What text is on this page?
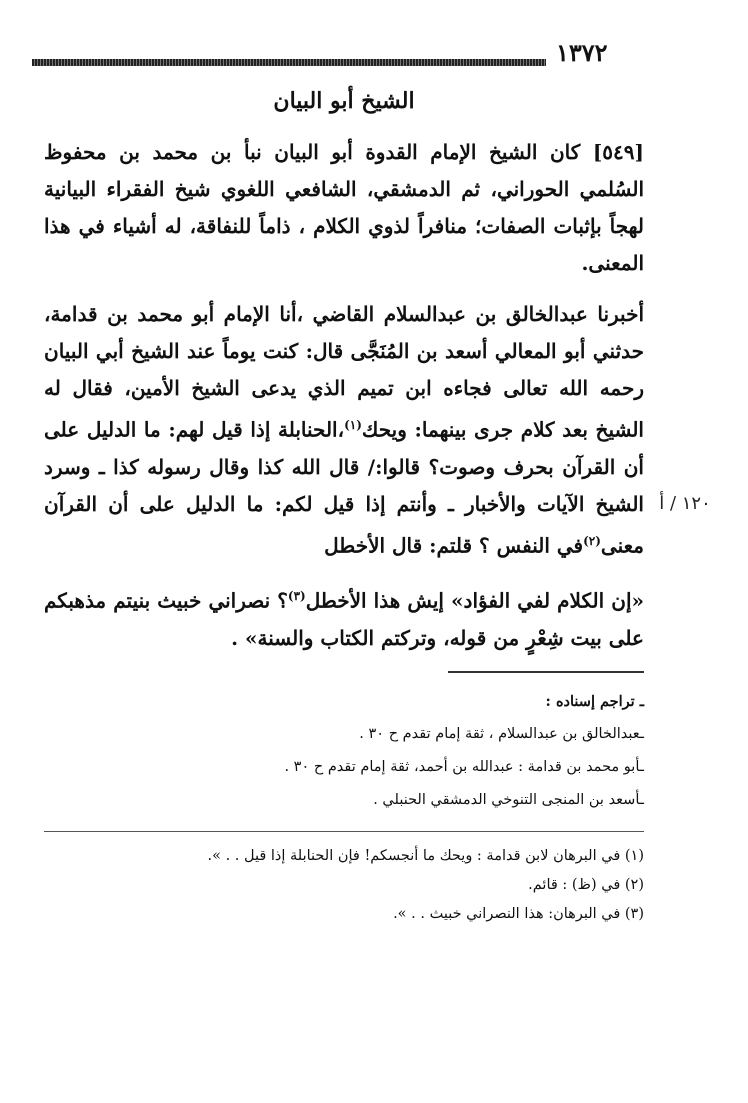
١٣٧٢
١٢٠ / أ
الشيخ أبو البيان

[٥٤٩] كان الشيخ الإمام القدوة أبو البيان نبأ بن محمد بن محفوظ السُلمي الحوراني، ثم الدمشقي، الشافعي اللغوي شيخ الفقراء البيانية لهجاً بإثبات الصفات؛ منافراً لذوي الكلام ، ذاماً للنفاقة، له أشياء في هذا المعنى.

أخبرنا عبدالخالق بن عبدالسلام القاضي ،أنا الإمام أبو محمد بن قدامة، حدثني أبو المعالي أسعد بن المُنَجَّى قال: كنت يوماً عند الشيخ أبي البيان رحمه الله تعالى فجاءه ابن تميم الذي يدعى الشيخ الأمين، فقال له الشيخ بعد كلام جرى بينهما: ويحك$^{(١)}$،الحنابلة إذا قيل لهم: ما الدليل على أن القرآن بحرف وصوت؟ قالوا:/ قال الله كذا وقال رسوله كذا ـ وسرد الشيخ الآيات والأخبار ـ وأنتم إذا قيل لكم: ما الدليل على أن القرآن معنى$^{(٢)}$في النفس ؟ قلتم: قال الأخطل

«إن الكلام لفي الفؤاد» إيش هذا الأخطل$^{(٣)}$؟ نصراني خبيث بنيتم مذهبكم على بيت شِعْرٍ من قوله، وتركتم الكتاب والسنة» .

ـ تراجم إسناده :
ـعبدالخالق بن عبدالسلام ، ثقة إمام تقدم ح ٣٠ .
ـأبو محمد بن قدامة : عبدالله بن أحمد، ثقة إمام تقدم ح ٣٠ .
ـأسعد بن المنجى التنوخي الدمشقي الحنبلي .
(١) في البرهان لابن قدامة : ويحك ما أنجسكم! فإن الحنابلة إذا قيل . . ».
(٢) في (ظ) : قائم.
(٣) في البرهان: هذا النصراني خبيث . . ».
